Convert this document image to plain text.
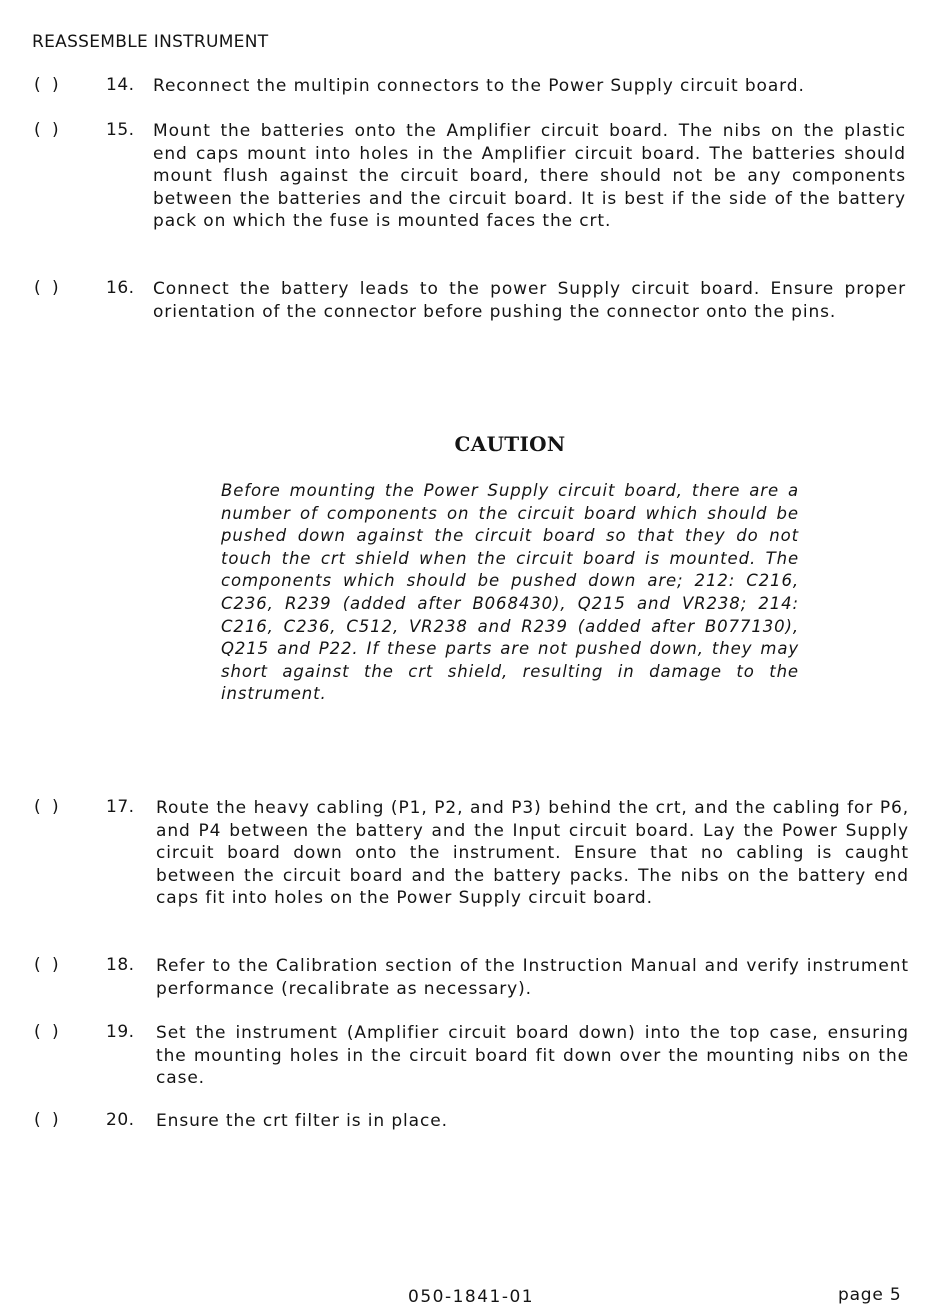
REASSEMBLE INSTRUMENT
( )	14. Reconnect the multipin connectors to the Power Supply circuit board.

( )	15. Mount the batteries onto the Amplifier circuit board. The nibs on the plastic end caps mount into holes in the Amplifier circuit board. The batteries should mount flush against the circuit board, there should not be any components between the batteries and the circuit board. It is best if the side of the battery pack on which the fuse is mounted faces the crt.

( )	16. Connect the battery leads to the power Supply circuit board. Ensure proper orientation of the connector before pushing the connector onto the pins.

CAUTION

Before mounting the Power Supply circuit board, there are a number of components on the circuit board which should be pushed down against the circuit board so that they do not touch the crt shield when the circuit board is mounted. The components which should be pushed down are; 212: C216, C236, R239 (added after B068430), Q215 and VR238; 214: C216, C236, C512, VR238 and R239 (added after B077130), Q215 and P22. If these parts are not pushed down, they may short against the crt shield, resulting in damage to the instrument.

( )	17. Route the heavy cabling (P1, P2, and P3) behind the crt, and the cabling for P6, and P4 between the battery and the Input circuit board. Lay the Power Supply circuit board down onto the instrument. Ensure that no cabling is caught between the circuit board and the battery packs. The nibs on the battery end caps fit into holes on the Power Supply circuit board.

( )	18. Refer to the Calibration section of the Instruction Manual and verify instrument performance (recalibrate as necessary).

( )	19. Set the instrument (Amplifier circuit board down) into the top case, ensuring the mounting holes in the circuit board fit down over the mounting nibs on the case.

( )	20. Ensure the crt filter is in place.

050-1841-01	page 5
